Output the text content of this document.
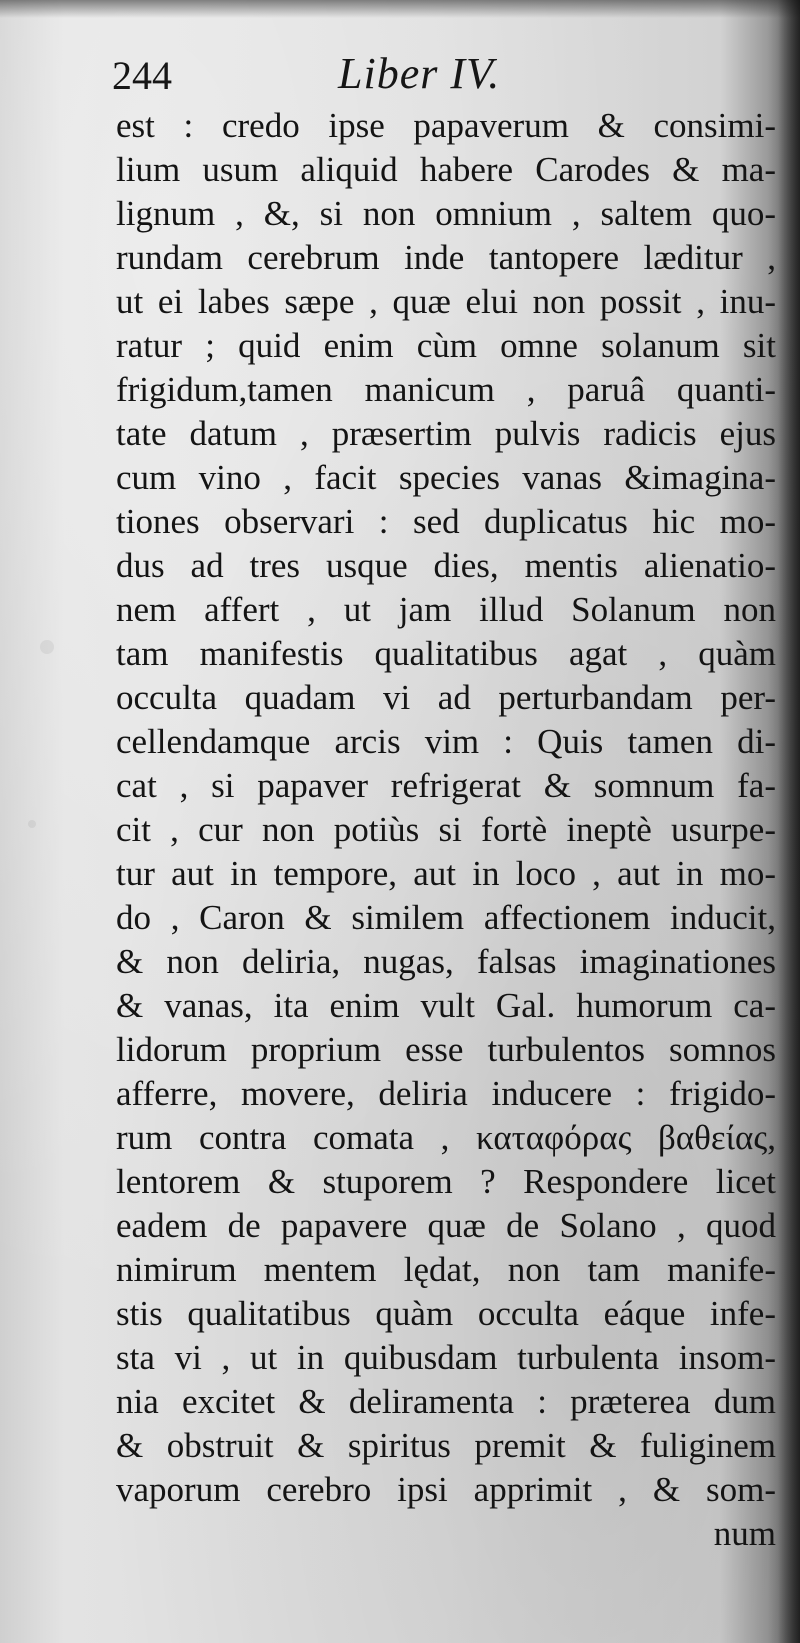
244	Liber IV.
est : credo ipse papaverum & consimi-
lium usum aliquid habere Carodes & ma-
lignum , &, si non omnium , saltem quo-
rundam cerebrum inde tantopere læditur ,
ut ei labes sæpe , quæ elui non possit , inu-
ratur ; quid enim cùm omne solanum sit
frigidum,tamen manicum , paruâ quanti-
tate datum , præsertim pulvis radicis ejus
cum vino , facit species vanas &imagina-
tiones observari : sed duplicatus hic mo-
dus ad tres usque dies, mentis alienatio-
nem affert , ut jam illud Solanum non
tam manifestis qualitatibus agat , quàm
occulta quadam vi ad perturbandam per-
cellendamque arcis vim : Quis tamen di-
cat , si papaver refrigerat & somnum fa-
cit , cur non potiùs si fortè ineptè usurpe-
tur aut in tempore, aut in loco , aut in mo-
do , Caron & similem affectionem inducit,
& non deliria, nugas, falsas imaginationes
& vanas, ita enim vult Gal. humorum ca-
lidorum proprium esse turbulentos somnos
afferre, movere, deliria inducere : frigido-
rum contra comata , καταφόρας βαθείας,
lentorem & stuporem ? Respondere licet
eadem de papavere quæ de Solano , quod
nimirum mentem lędat, non tam manife-
stis qualitatibus quàm occulta eáque infe-
sta vi , ut in quibusdam turbulenta insom-
nia excitet & deliramenta : præterea dum
& obstruit & spiritus premit & fuliginem
vaporum cerebro ipsi apprimit , & som-
num
